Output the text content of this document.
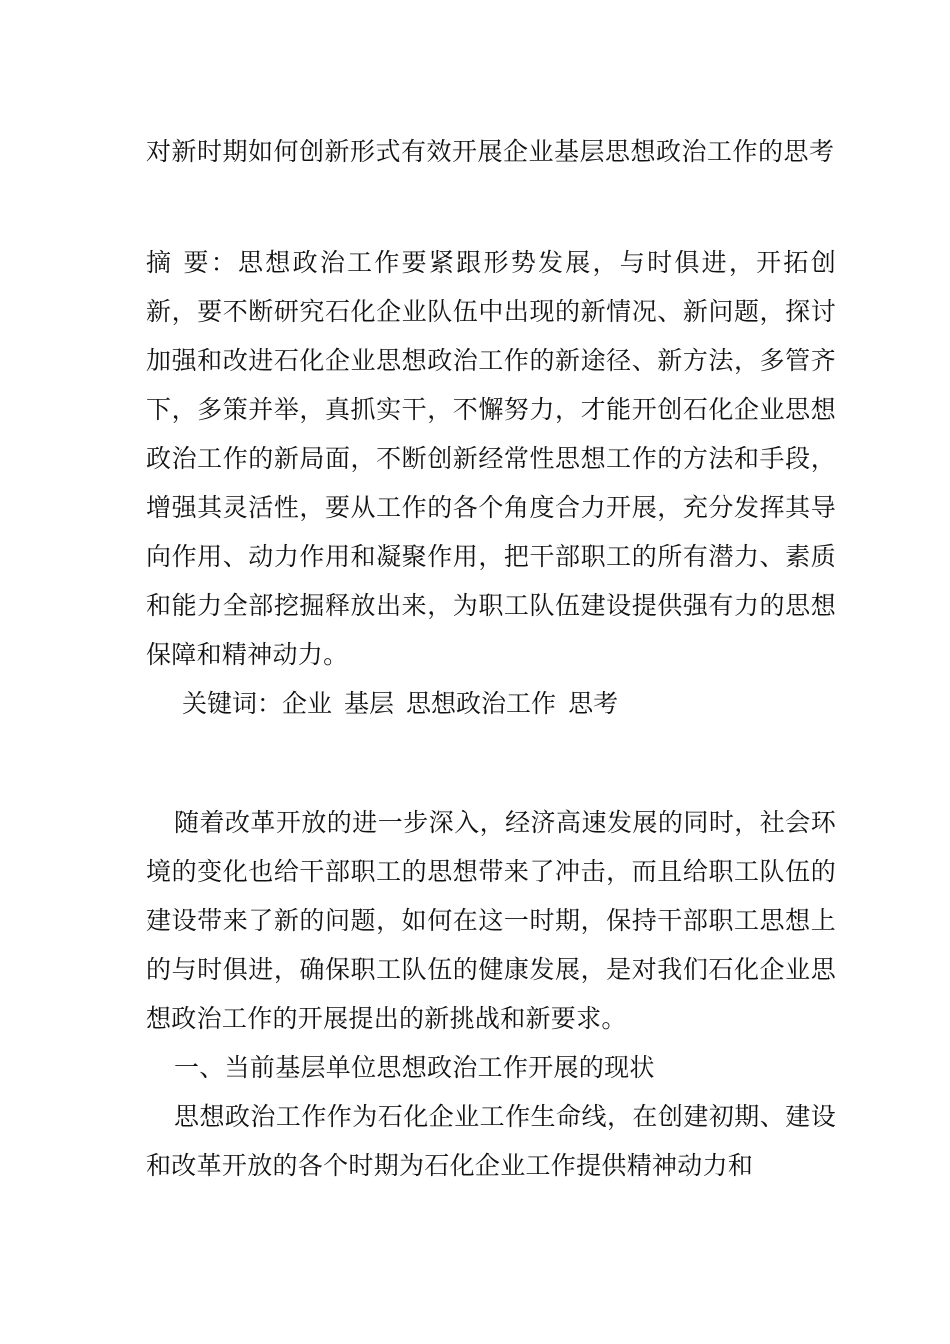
对新时期如何创新形式有效开展企业基层思想政治工作的思考
摘 要：思想政治工作要紧跟形势发展，与时俱进，开拓创新，要不断研究石化企业队伍中出现的新情况、新问题，探讨加强和改进石化企业思想政治工作的新途径、新方法，多管齐下，多策并举，真抓实干，不懈努力，才能开创石化企业思想政治工作的新局面，不断创新经常性思想工作的方法和手段，增强其灵活性，要从工作的各个角度合力开展，充分发挥其导向作用、动力作用和凝聚作用，把干部职工的所有潜力、素质和能力全部挖掘释放出来，为职工队伍建设提供强有力的思想保障和精神动力。
关键词：企业 基层 思想政治工作 思考

随着改革开放的进一步深入，经济高速发展的同时，社会环境的变化也给干部职工的思想带来了冲击，而且给职工队伍的建设带来了新的问题，如何在这一时期，保持干部职工思想上的与时俱进，确保职工队伍的健康发展，是对我们石化企业思想政治工作的开展提出的新挑战和新要求。

一、当前基层单位思想政治工作开展的现状

思想政治工作作为石化企业工作生命线，在创建初期、建设和改革开放的各个时期为石化企业工作提供精神动力和
